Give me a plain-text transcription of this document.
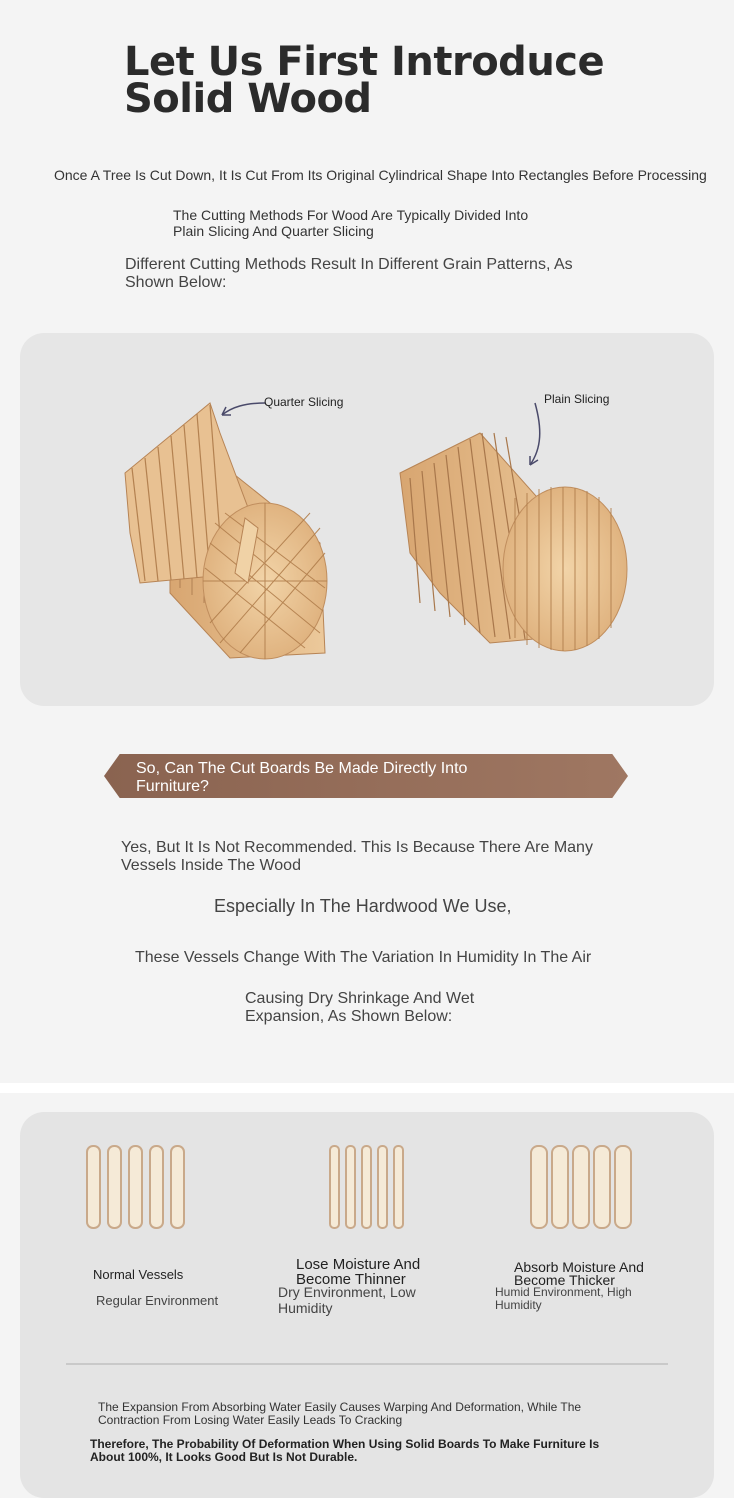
Let Us First Introduce Solid Wood
Once A Tree Is Cut Down, It Is Cut From Its Original Cylindrical Shape Into Rectangles Before Processing
The Cutting Methods For Wood Are Typically Divided Into Plain Slicing And Quarter Slicing
Different Cutting Methods Result In Different Grain Patterns, As Shown Below:
Quarter Slicing	Plain Slicing
So, Can The Cut Boards Be Made Directly Into Furniture?
Yes, But It Is Not Recommended. This Is Because There Are Many Vessels Inside The Wood
Especially In The Hardwood We Use,
These Vessels Change With The Variation In Humidity In The Air
Causing Dry Shrinkage And Wet Expansion, As Shown Below:
Normal Vessels
Regular Environment
Lose Moisture And Become Thinner
Dry Environment, Low Humidity
Absorb Moisture And Become Thicker
Humid Environment, High Humidity
The Expansion From Absorbing Water Easily Causes Warping And Deformation, While The Contraction From Losing Water Easily Leads To Cracking
Therefore, The Probability Of Deformation When Using Solid Boards To Make Furniture Is About 100%, It Looks Good But Is Not Durable.
